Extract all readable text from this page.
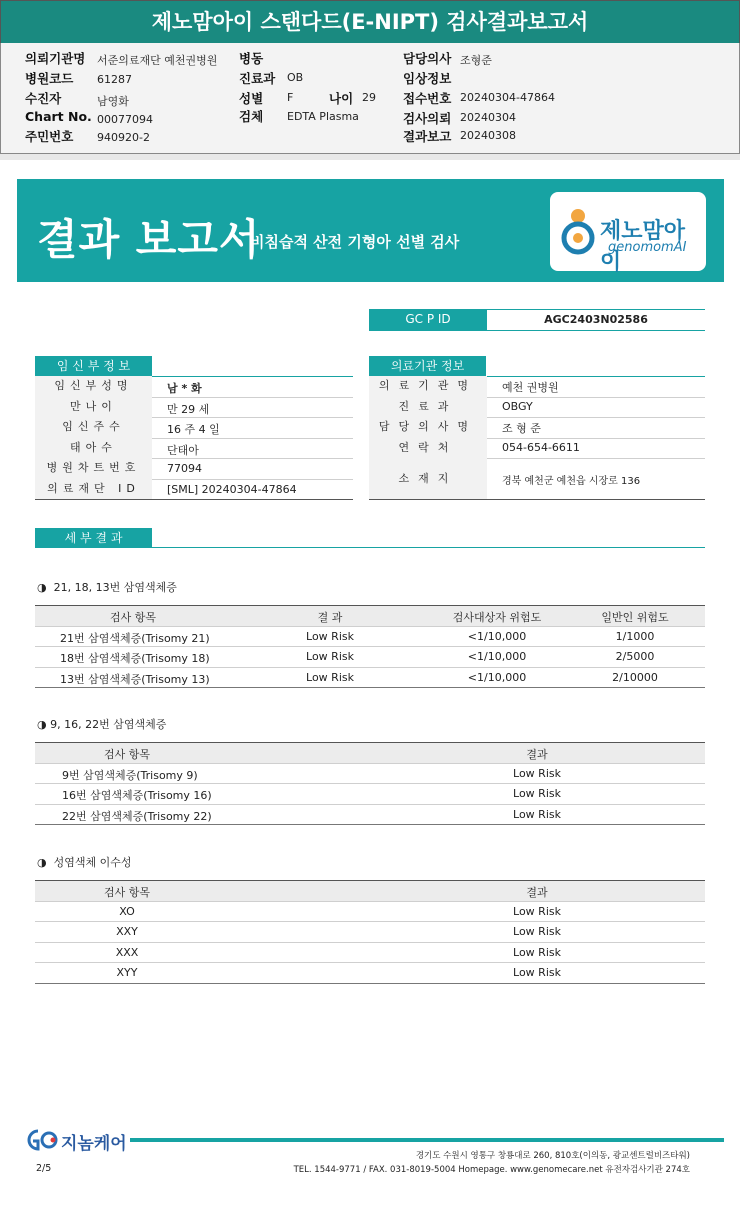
제노맘아이 스탠다드(E-NIPT) 검사결과보고서
의뢰기관명 서준의료재단 예천권병원
병원코드 61287
수진자	남영화
Chart No. 00077094
주민번호 940920-2
병동
진료과 OB
성별 F	나이 29
검체 EDTA Plasma
담당의사 조형준
임상정보
접수번호 20240304-47864
검사의뢰 20240304
결과보고 20240308
결과 보고서
비침습적 산전 기형아 선별 검사	제노맘아이
genomomAI
GC P ID	AGC2403N02586
임 신 부 정 보
임신부성명	남 * 화
만나이	만 29 세
임신주수	16 주 4 일
태아수	단태아
병원차트번호	77094
의료재단 ID	[SML] 20240304-47864
의료기관 정보
의료기관명	예천 권병원
진료과	OBGY
담당의사명	조 형 준
연락처	054-654-6611
소재지	경북 예천군 예천읍 시장로 136
세 부 결 과
◑ 21, 18, 13번 삼염색체증
검사 항목	결 과	검사대상자 위험도	일반인 위험도
21번 삼염색체증(Trisomy 21)	Low Risk	<1/10,000	1/1000
18번 삼염색체증(Trisomy 18)	Low Risk	<1/10,000	2/5000
13번 삼염색체증(Trisomy 13)	Low Risk	<1/10,000	2/10000
◑ 9, 16, 22번 삼염색체증
검사 항목	결과
9번 삼염색체증(Trisomy 9)	Low Risk
16번 삼염색체증(Trisomy 16)	Low Risk
22번 삼염색체증(Trisomy 22)	Low Risk
◑ 성염색체 이수성
검사 항목	결과
XO	Low Risk
XXY	Low Risk
XXX	Low Risk
XYY	Low Risk
지놈케어
2/5
경기도 수원시 영통구 창룡대로 260, 810호(이의동, 광교센트럴비즈타워)
TEL. 1544-9771 / FAX. 031-8019-5004 Homepage. www.genomecare.net 유전자검사기관 274호
